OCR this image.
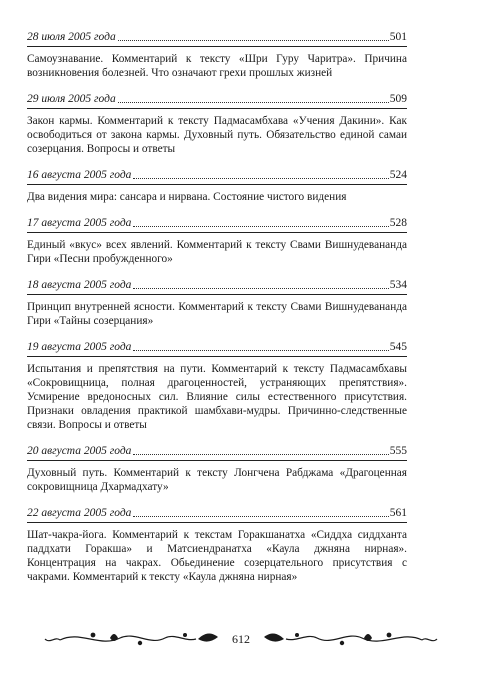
28 июля 2005 года	501
Самоузнавание. Комментарий к тексту «Шри Гуру Чаритра». Причина возникновения болезней. Что означают грехи прошлых жизней
29 июля 2005 года	509
Закон кармы. Комментарий к тексту Падмасамбхава «Учения Дакини». Как освободиться от закона кармы. Духовный путь. Обязательство единой самаи созерцания. Вопросы и ответы
16 августа 2005 года	524
Два видения мира: сансара и нирвана. Состояние чистого видения
17 августа 2005 года	528
Единый «вкус» всех явлений. Комментарий к тексту Свами Вишнудевананда Гири «Песни пробужденного»
18 августа 2005 года	534
Принцип внутренней ясности. Комментарий к тексту Свами Вишнудевананда Гири «Тайны созерцания»
19 августа 2005 года	545
Испытания и препятствия на пути. Комментарий к тексту Падмасамбхавы «Сокровищница, полная драгоценностей, устраняющих препятствия». Усмирение вредоносных сил. Влияние силы естественного присутствия. Признаки овладения практикой шамбхави-мудры. Причинно-следственные связи. Вопросы и ответы
20 августа 2005 года	555
Духовный путь. Комментарий к тексту Лонгчена Рабджама «Драгоценная сокровищница Дхармадхату»
22 августа 2005 года	561
Шат-чакра-йога. Комментарий к текстам Горакшанатха «Сиддха сиддханта паддхати Горакша» и Матсиендранатха «Каула джняна нирная». Концентрация на чакрах. Обьединение созерцательного присутствия с чакрами. Комментарий к тексту «Каула джняна нирная»
612
